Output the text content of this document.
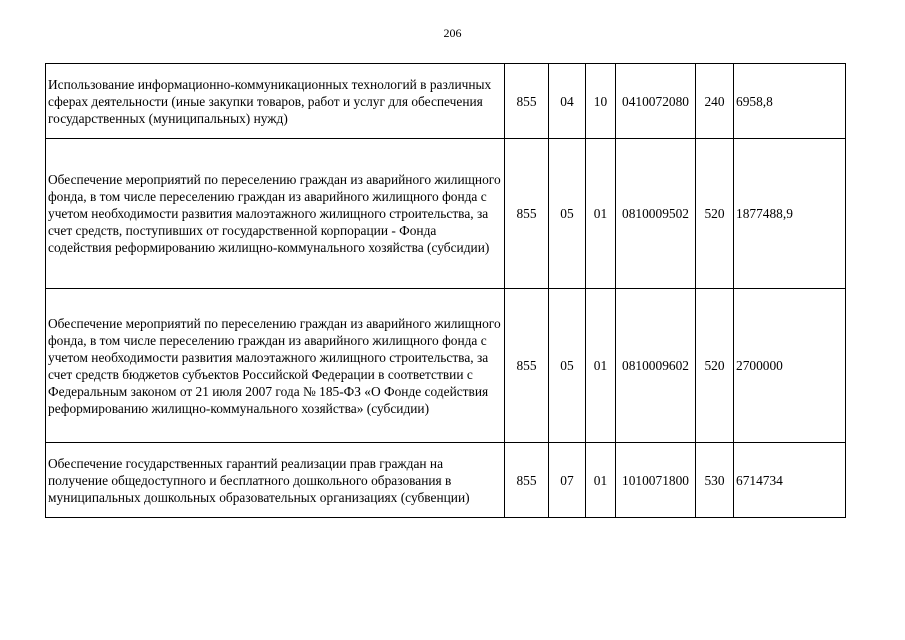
206
Использование информационно-коммуникационных технологий в различных сферах деятельности (иные закупки товаров, работ и услуг для обеспечения государственных (муниципальных) нужд)	855	04	10	0410072080	240	6958,8
Обеспечение мероприятий по переселению граждан из аварийного жилищного фонда, в том числе переселению граждан из аварийного жилищного фонда с учетом необходимости развития малоэтажного жилищного строительства, за счет средств, поступивших от государственной корпорации - Фонда содействия реформированию жилищно-коммунального хозяйства (субсидии)	855	05	01	0810009502	520	1877488,9
Обеспечение мероприятий по переселению граждан из аварийного жилищного фонда, в том числе переселению граждан из аварийного жилищного фонда с учетом необходимости развития малоэтажного жилищного строительства, за счет средств бюджетов субъектов Российской Федерации в соответствии с Федеральным законом от 21 июля 2007 года № 185-ФЗ «О Фонде содействия реформированию жилищно-коммунального хозяйства» (субсидии)	855	05	01	0810009602	520	2700000
Обеспечение государственных гарантий реализации прав граждан на получение общедоступного и бесплатного дошкольного образования в муниципальных дошкольных образовательных организациях (субвенции)	855	07	01	1010071800	530	6714734
